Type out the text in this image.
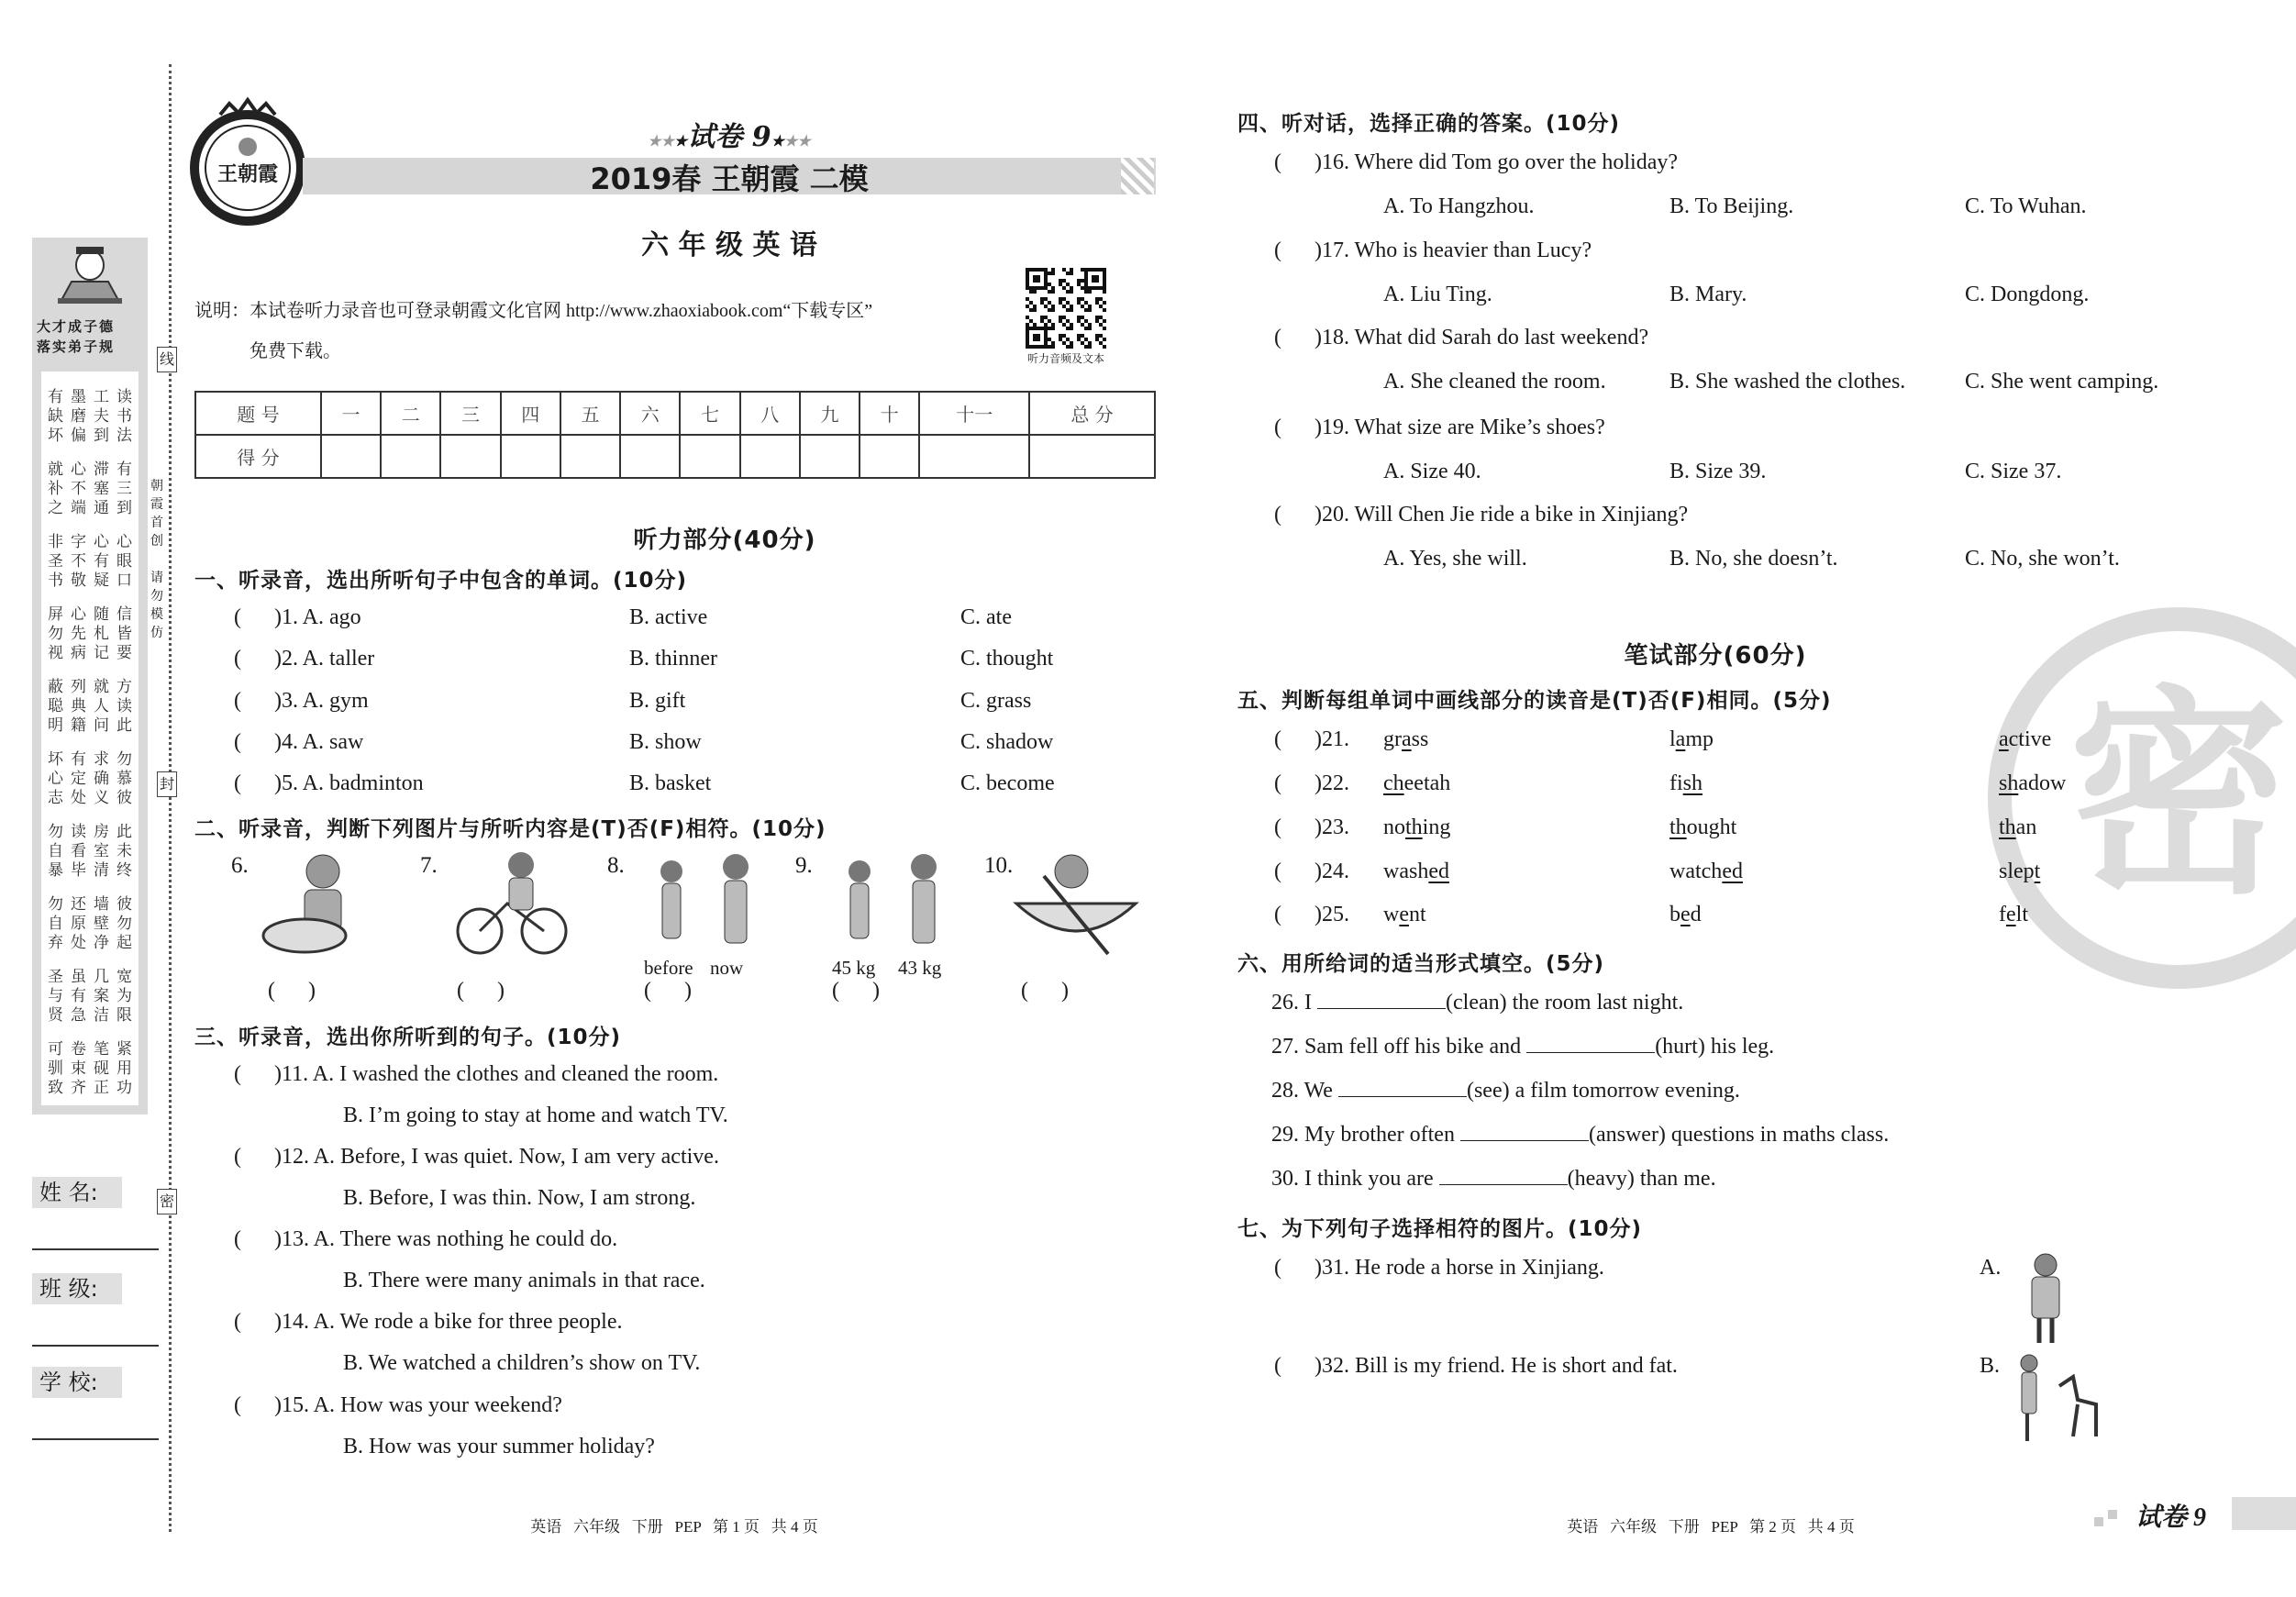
密
大才成子德
落实弟子规
有墨工读
缺磨夫书
坏偏到法
就心滞有
补不塞三
之端通到
非字心心
圣不有眼
书敬疑口
屏心随信
勿先札皆
视病记要
蔽列就方
聪典人读
明籍问此
坏有求勿
心定确慕
志处义彼
勿读房此
自看室未
暴毕清终
勿还墙彼
自原壁勿
弃处净起
圣虽几宽
与有案为
贤急洁限
可卷笔紧
驯束砚用
致齐正功
线
封
密
朝霞首创
请勿模仿
姓 名:
班 级:
学 校:
王朝霞
★★★试卷 9★★★
2019春 王朝霞 二模
六 年 级 英 语
说明：本试卷听力录音也可登录朝霞文化官网 http://www.zhaoxiabook.com“下载专区”
免费下载。	听力音频及文本
题 号	一	二	三	四	五	六	七	八	九	十	十一	总 分
得 分												
听力部分(40分)
一、听录音，选出所听句子中包含的单词。(10分)
(      )1. A. ago	B. active	C. ate
(      )2. A. taller	B. thinner	C. thought
(      )3. A. gym	B. gift	C. grass
(      )4. A. saw	B. show	C. shadow
(      )5. A. badminton	B. basket	C. become
二、听录音，判断下列图片与所听内容是(T)否(F)相符。(10分)
6.
(      )
7.
(      )
8.
before now
(      )
9.
45 kg 43 kg
(      )
10.
(      )
三、听录音，选出你所听到的句子。(10分)
(      )11. A. I washed the clothes and cleaned the room.
B. I’m going to stay at home and watch TV.
(      )12. A. Before, I was quiet. Now, I am very active.
B. Before, I was thin. Now, I am strong.
(      )13. A. There was nothing he could do.
B. There were many animals in that race.
(      )14. A. We rode a bike for three people.
B. We watched a children’s show on TV.
(      )15. A. How was your weekend?
B. How was your summer holiday?
四、听对话，选择正确的答案。(10分)
(      )16. Where did Tom go over the holiday?
A. To Hangzhou.	B. To Beijing.	C. To Wuhan.
(      )17. Who is heavier than Lucy?
A. Liu Ting.	B. Mary.	C. Dongdong.
(      )18. What did Sarah do last weekend?
A. She cleaned the room.	B. She washed the clothes.	C. She went camping.
(      )19. What size are Mike’s shoes?
A. Size 40.	B. Size 39.	C. Size 37.
(      )20. Will Chen Jie ride a bike in Xinjiang?
A. Yes, she will.	B. No, she doesn’t.	C. No, she won’t.
笔试部分(60分)
五、判断每组单词中画线部分的读音是(T)否(F)相同。(5分)
(      )21. grass	lamp	active
(      )22. cheetah	fish	shadow
(      )23. nothing	thought	than
(      )24. washed	watched	slept
(      )25. went	bed	felt
六、用所给词的适当形式填空。(5分)
26. I	(clean) the room last night.
27. Sam fell off his bike and	(hurt) his leg.
28. We	(see) a film tomorrow evening.
29. My brother often	(answer) questions in maths class.
30. I think you are	(heavy) than me.
七、为下列句子选择相符的图片。(10分)
(      )31. He rode a horse in Xinjiang.	A.
(      )32. Bill is my friend. He is short and fat.	B.
英语   六年级   下册   PEP   第 1 页   共 4 页	英语   六年级   下册   PEP   第 2 页   共 4 页	试卷 9
